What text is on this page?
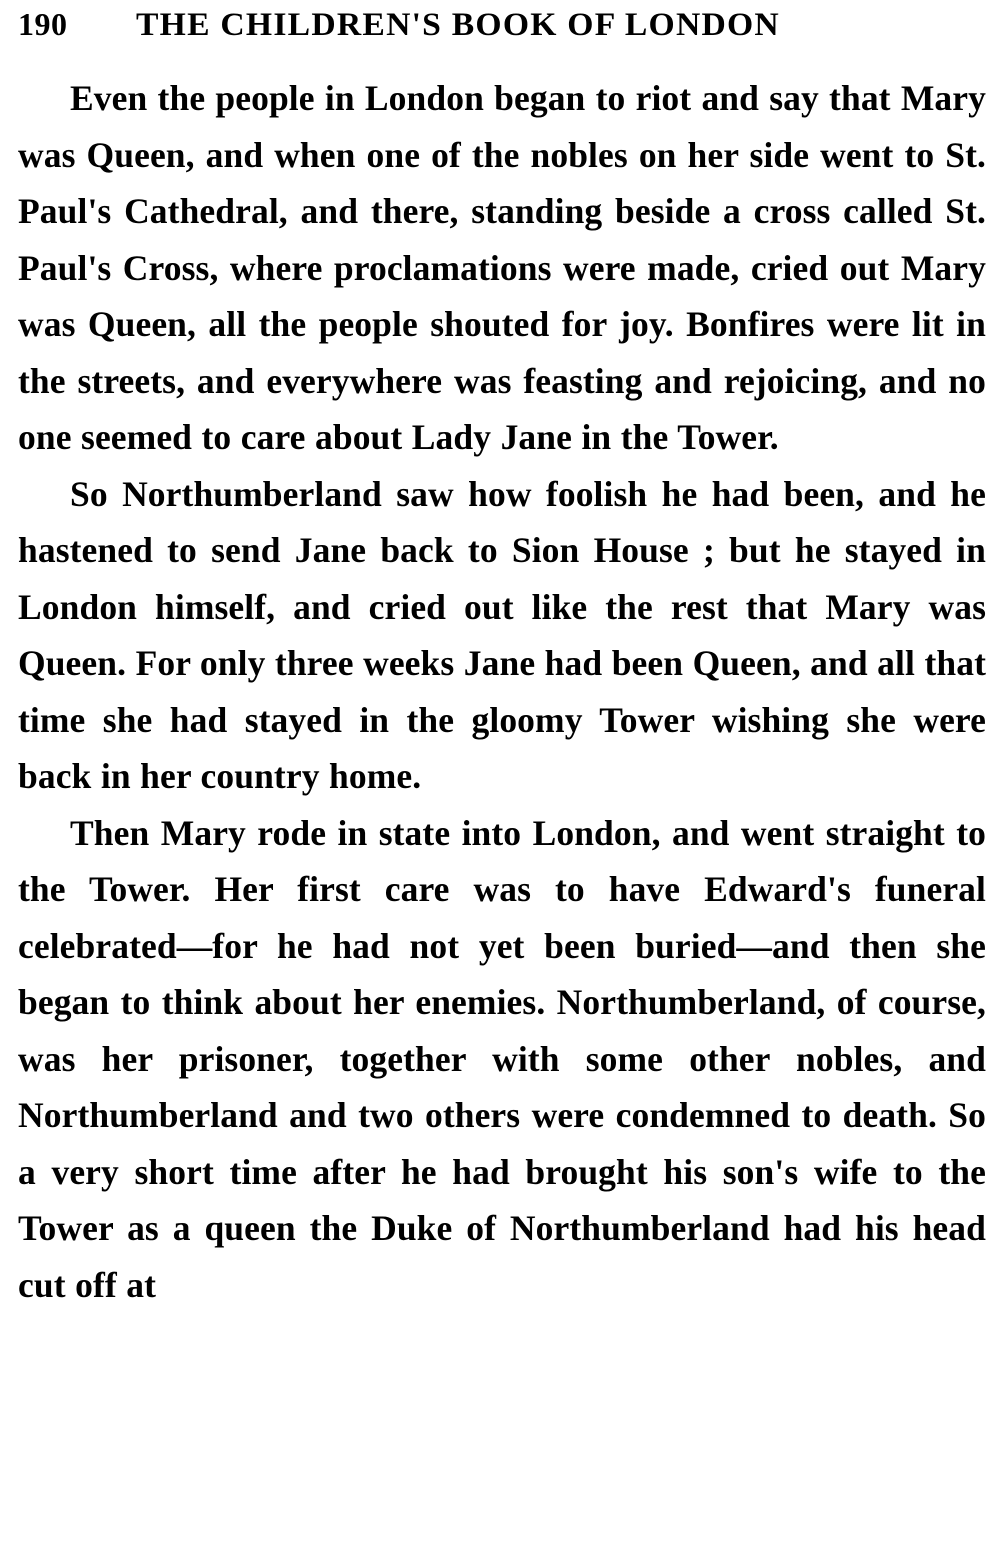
190	THE CHILDREN'S BOOK OF LONDON

Even the people in London began to riot and say that Mary was Queen, and when one of the nobles on her side went to St. Paul's Cathedral, and there, standing beside a cross called St. Paul's Cross, where proclamations were made, cried out Mary was Queen, all the people shouted for joy. Bonfires were lit in the streets, and everywhere was feasting and rejoicing, and no one seemed to care about Lady Jane in the Tower.

So Northumberland saw how foolish he had been, and he hastened to send Jane back to Sion House ; but he stayed in London himself, and cried out like the rest that Mary was Queen. For only three weeks Jane had been Queen, and all that time she had stayed in the gloomy Tower wishing she were back in her country home.

Then Mary rode in state into London, and went straight to the Tower. Her first care was to have Edward's funeral celebrated—for he had not yet been buried—and then she began to think about her enemies. Northumberland, of course, was her prisoner, together with some other nobles, and Northumberland and two others were condemned to death. So a very short time after he had brought his son's wife to the Tower as a queen the Duke of Northumberland had his head cut off at
